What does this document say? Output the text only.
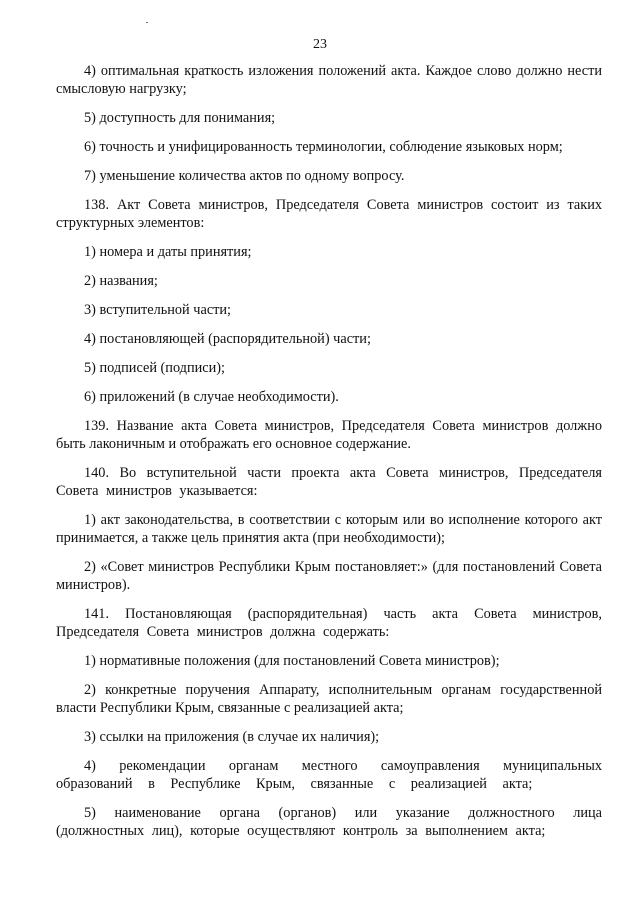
23

4) оптимальная краткость изложения положений акта. Каждое слово должно нести смысловую нагрузку;

5) доступность для понимания;

6) точность и унифицированность терминологии, соблюдение языковых норм;

7) уменьшение количества актов по одному вопросу.

138. Акт Совета министров, Председателя Совета министров состоит из таких структурных элементов:

1) номера и даты принятия;

2) названия;

3) вступительной части;

4) постановляющей (распорядительной) части;

5) подписей (подписи);

6) приложений (в случае необходимости).

139. Название акта Совета министров, Председателя Совета министров должно быть лаконичным и отображать его основное содержание.

140. Во вступительной части проекта акта Совета министров, Председателя Совета министров указывается:

1) акт законодательства, в соответствии с которым или во исполнение которого акт принимается, а также цель принятия акта (при необходимости);

2) «Совет министров Республики Крым постановляет:» (для постановлений Совета министров).

141. Постановляющая (распорядительная) часть акта Совета министров, Председателя Совета министров должна содержать:

1) нормативные положения (для постановлений Совета министров);

2) конкретные поручения Аппарату, исполнительным органам государственной власти Республики Крым, связанные с реализацией акта;

3) ссылки на приложения (в случае их наличия);

4) рекомендации органам местного самоуправления муниципальных образований в Республике Крым, связанные с реализацией акта;

5) наименование органа (органов) или указание должностного лица (должностных лиц), которые осуществляют контроль за выполнением акта;
